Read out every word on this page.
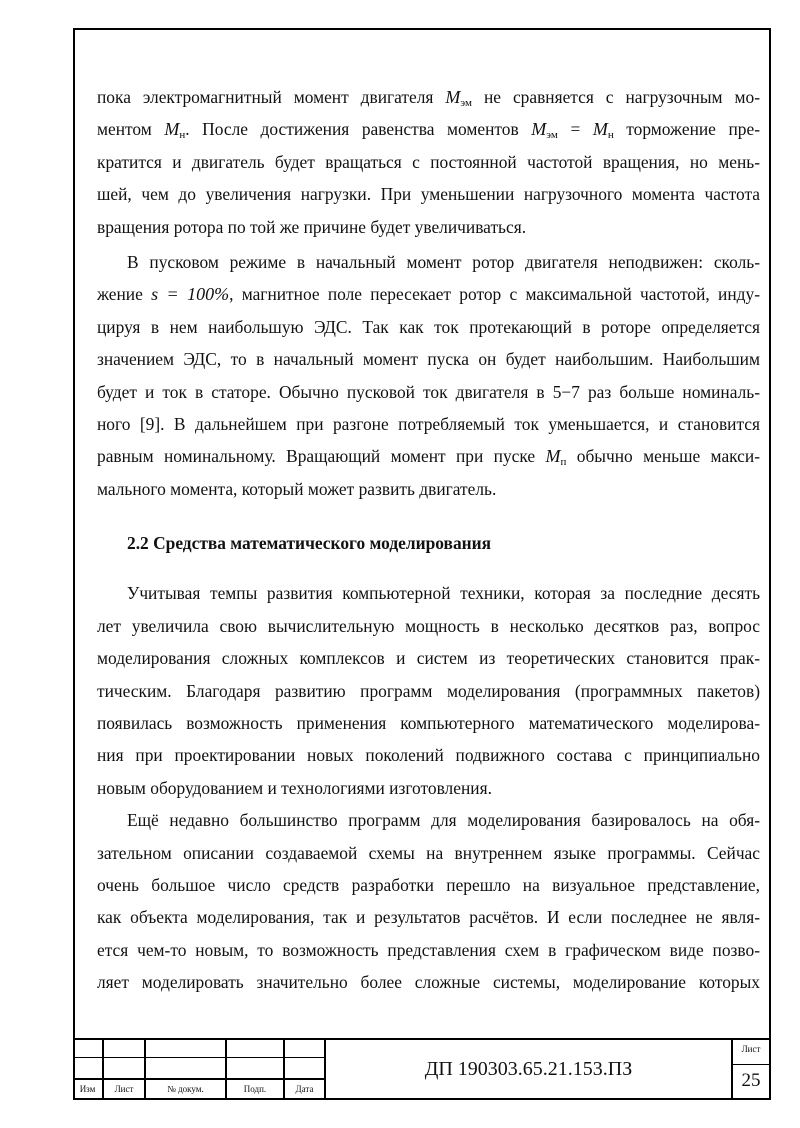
пока электромагнитный момент двигателя $M_{эм}$ не сравняется с нагрузочным мо-
ментом $M_н$. После достижения равенства моментов $M_{эм} = M_н$ торможение пре-
кратится и двигатель будет вращаться с постоянной частотой вращения, но мень-
шей, чем до увеличения нагрузки. При уменьшении нагрузочного момента частота
вращения ротора по той же причине будет увеличиваться.
В пусковом режиме в начальный момент ротор двигателя неподвижен: сколь-
жение s = 100%, магнитное поле пересекает ротор с максимальной частотой, инду-
цируя в нем наибольшую ЭДС. Так как ток протекающий в роторе определяется
значением ЭДС, то в начальный момент пуска он будет наибольшим. Наибольшим
будет и ток в статоре. Обычно пусковой ток двигателя в 5−7 раз больше номиналь-
ного [9]. В дальнейшем при разгоне потребляемый ток уменьшается, и становится
равным номинальному. Вращающий момент при пуске $M_п$ обычно меньше макси-
мального момента, который может развить двигатель.
2.2 Средства математического моделирования
Учитывая темпы развития компьютерной техники, которая за последние десять
лет увеличила свою вычислительную мощность в несколько десятков раз, вопрос
моделирования сложных комплексов и систем из теоретических становится прак-
тическим. Благодаря развитию программ моделирования (программных пакетов)
появилась возможность применения компьютерного математического моделирова-
ния при проектировании новых поколений подвижного состава с принципиально
новым оборудованием и технологиями изготовления.
Ещё недавно большинство программ для моделирования базировалось на обя-
зательном описании создаваемой схемы на внутреннем языке программы. Сейчас
очень большое число средств разработки перешло на визуальное представление,
как объекта моделирования, так и результатов расчётов. И если последнее не явля-
ется чем-то новым, то возможность представления схем в графическом виде позво-
ляет моделировать значительно более сложные системы, моделирование которых
Изм	Лист	№ докум.	Подп.	Дата
ДП 190303.65.21.153.ПЗ
Лист
25
